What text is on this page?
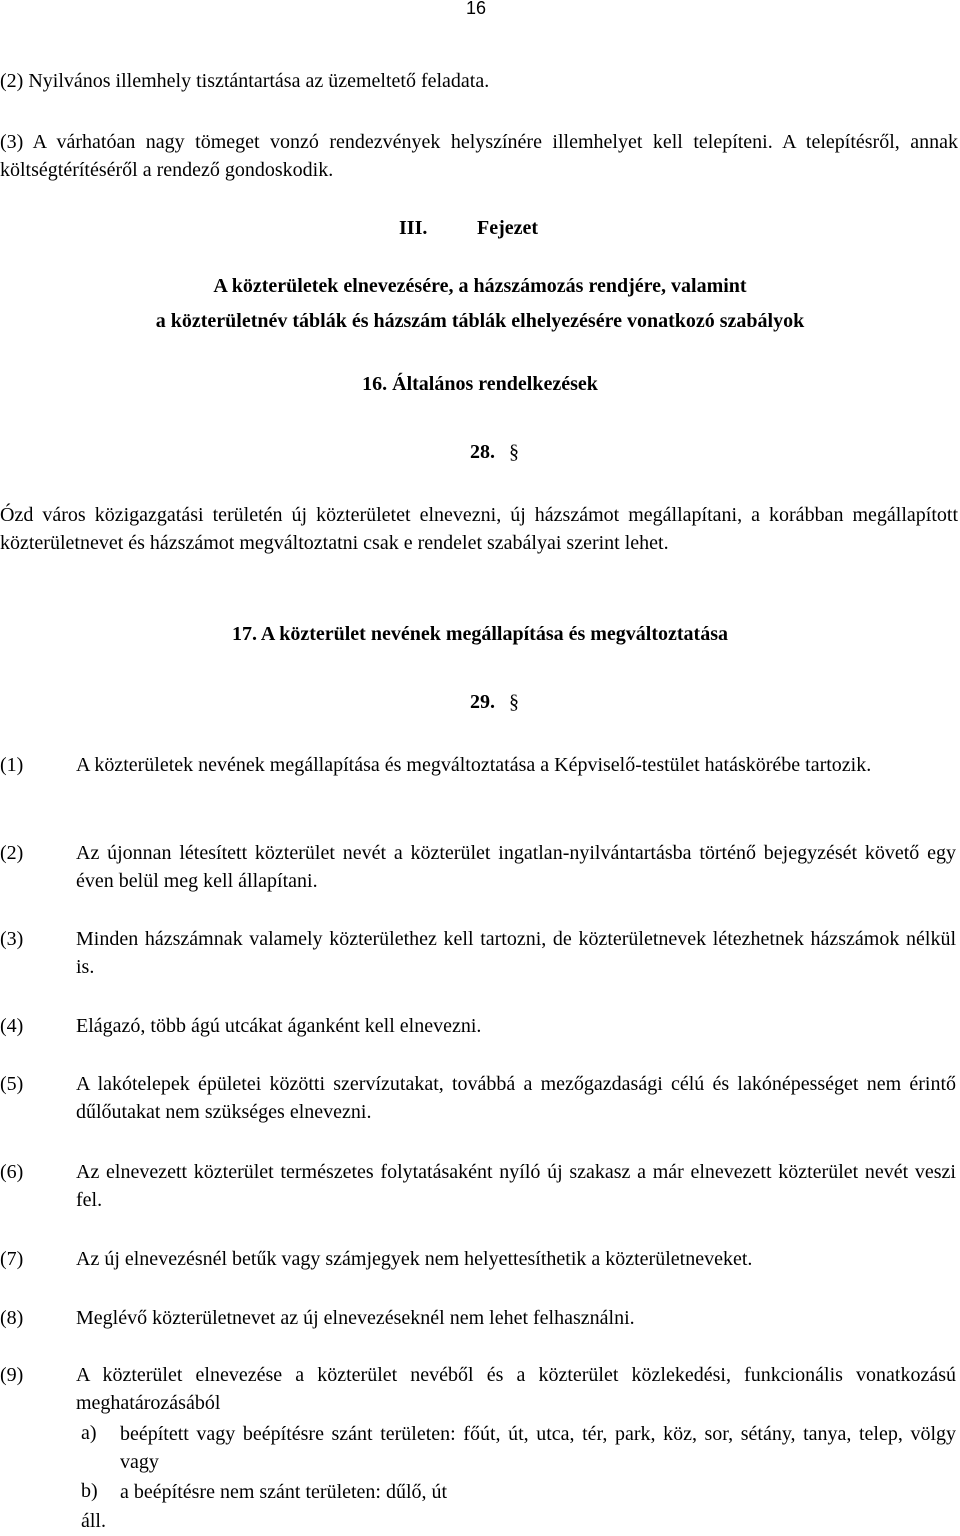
16
(2) Nyilvános illemhely tisztántartása az üzemeltető feladata.
(3) A várhatóan nagy tömeget vonzó rendezvények helyszínére illemhelyet kell telepíteni. A telepítésről, annak költségtérítéséről a rendező gondoskodik.
III. Fejezet
A közterületek elnevezésére, a házszámozás rendjére, valamint
a közterületnév táblák és házszám táblák elhelyezésére vonatkozó szabályok
16. Általános rendelkezések
28. §
Ózd város közigazgatási területén új közterületet elnevezni, új házszámot megállapítani, a korábban megállapított közterületnevet és házszámot megváltoztatni csak e rendelet szabályai szerint lehet.
17. A közterület nevének megállapítása és megváltoztatása
29. §
(1)	A közterületek nevének megállapítása és megváltoztatása a Képviselő-testület hatáskörébe tartozik.
(2)	Az újonnan létesített közterület nevét a közterület ingatlan-nyilvántartásba történő bejegyzését követő egy éven belül meg kell állapítani.
(3)	Minden házszámnak valamely közterülethez kell tartozni, de közterületnevek létezhetnek házszámok nélkül is.
(4)	Elágazó, több ágú utcákat áganként kell elnevezni.
(5)	A lakótelepek épületei közötti szervízutakat, továbbá a mezőgazdasági célú és lakónépességet nem érintő dűlőutakat nem szükséges elnevezni.
(6)	Az elnevezett közterület természetes folytatásaként nyíló új szakasz a már elnevezett közterület nevét veszi fel.
(7)	Az új elnevezésnél betűk vagy számjegyek nem helyettesíthetik a közterületneveket.
(8)	Meglévő közterületnevet az új elnevezéseknél nem lehet felhasználni.
(9)	A közterület elnevezése a közterület nevéből és a közterület közlekedési, funkcionális vonatkozású meghatározásából
a) beépített vagy beépítésre szánt területen: főút, út, utca, tér, park, köz, sor, sétány, tanya, telep, völgy vagy
b) a beépítésre nem szánt területen: dűlő, út
áll.
